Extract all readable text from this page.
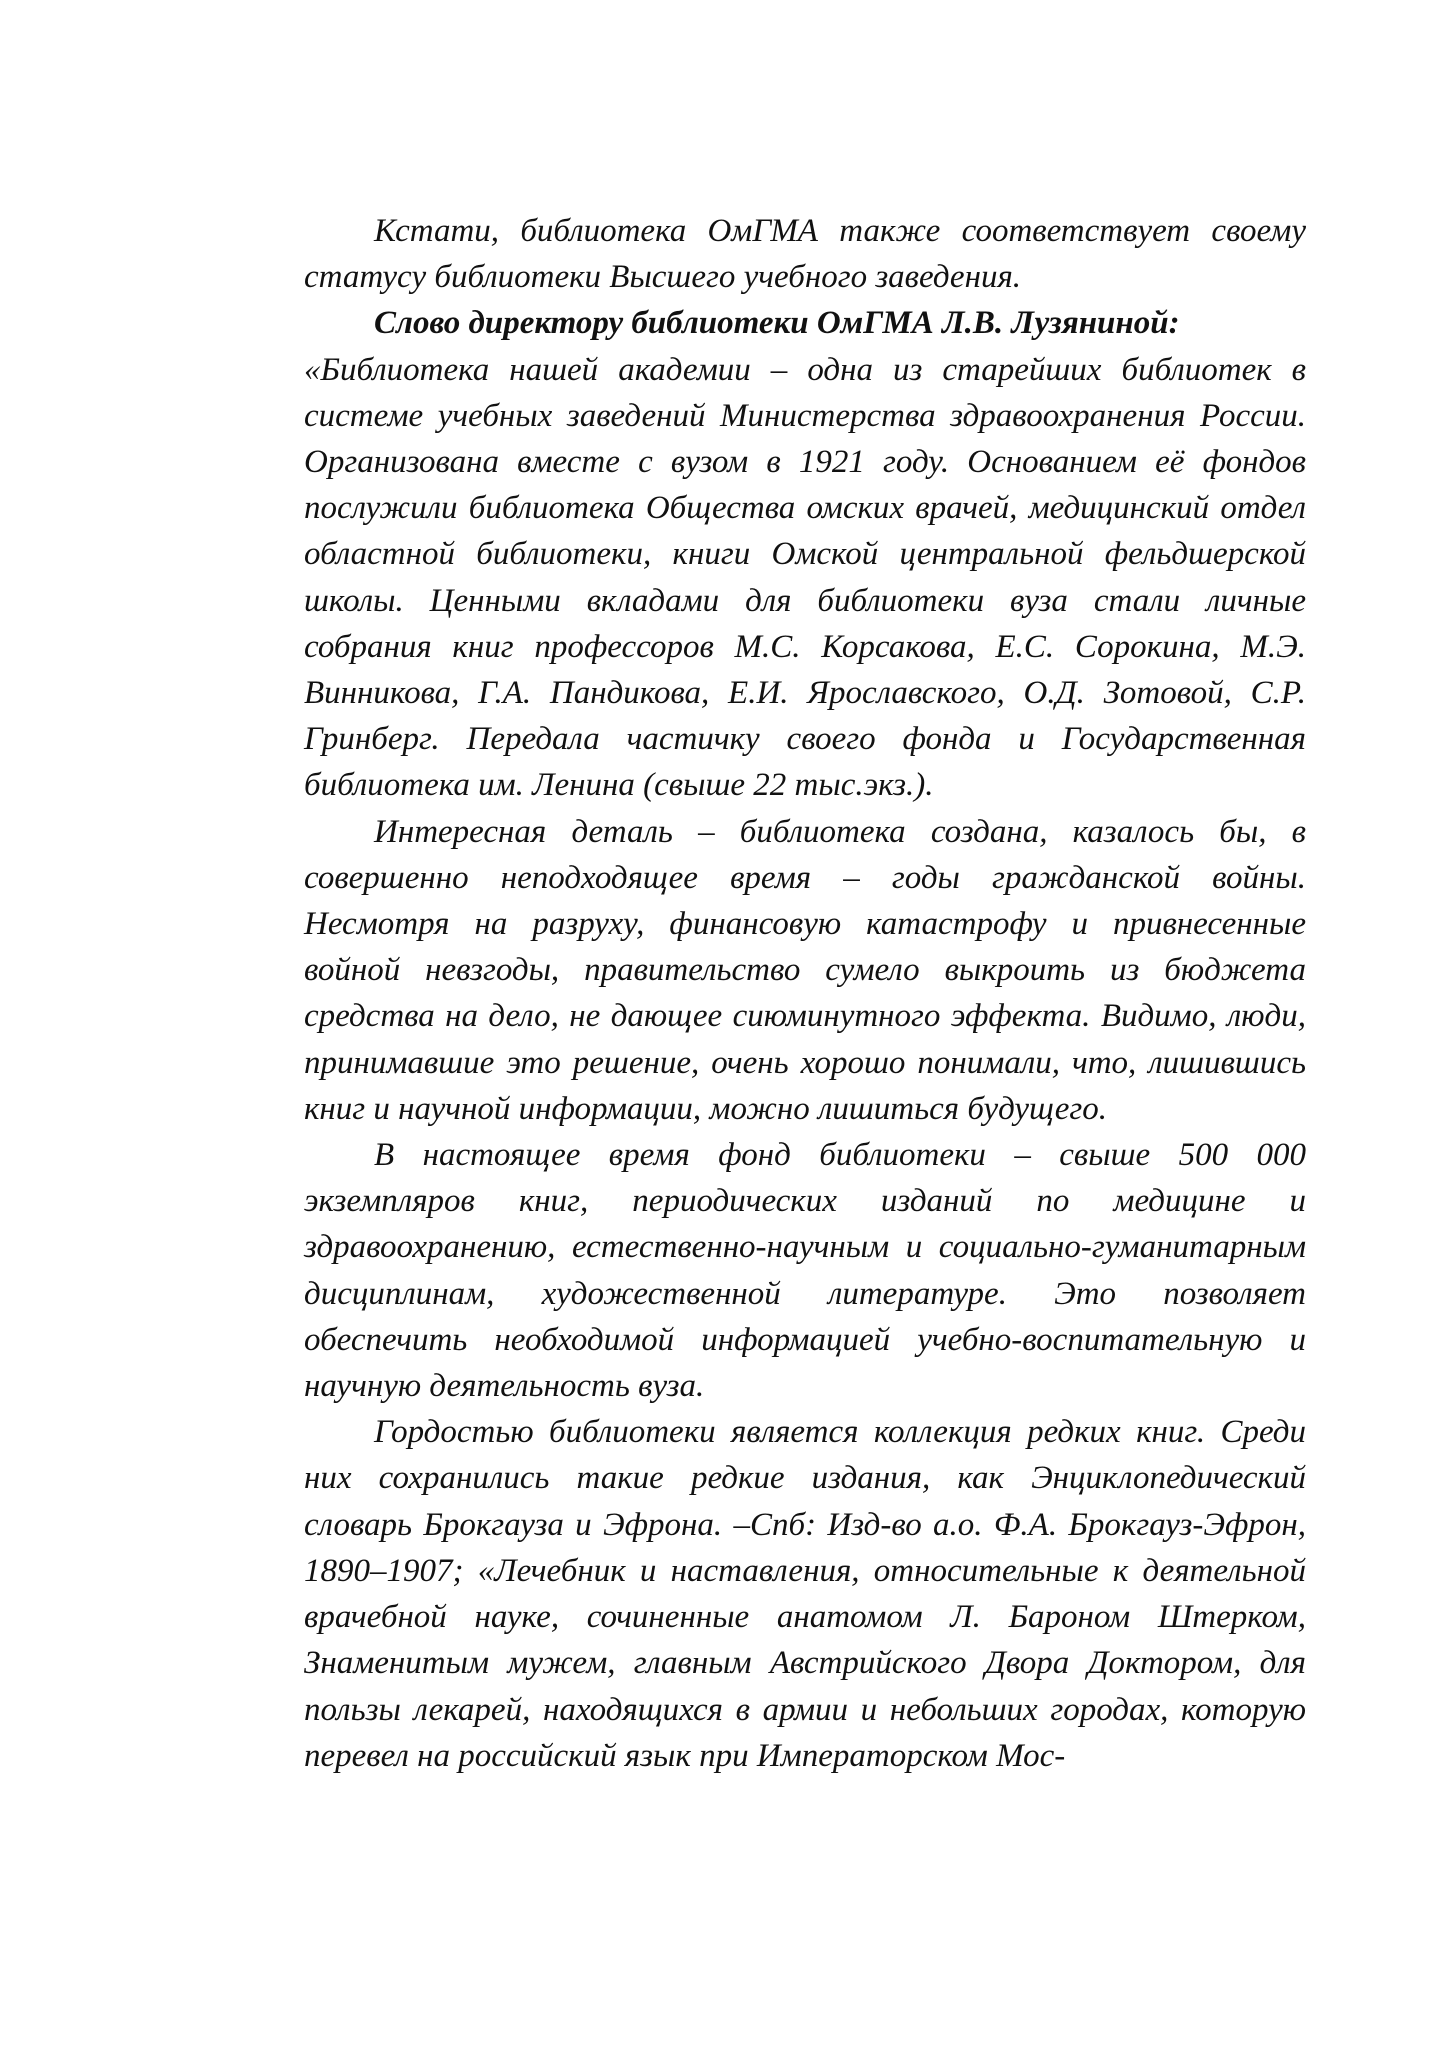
Кстати, библиотека ОмГМА также соответствует своему статусу библиотеки Высшего учебного заведения.

Слово директору библиотеки ОмГМА Л.В. Лузяниной:
«Библиотека нашей академии – одна из старейших библиотек в системе учебных заведений Министерства здравоохранения России. Организована вместе с вузом в 1921 году. Основанием её фондов послужили библиотека Общества омских врачей, медицинский отдел областной библиотеки, книги Омской центральной фельдшерской школы. Ценными вкладами для библиотеки вуза стали личные собрания книг профессоров М.С. Корсакова, Е.С. Сорокина, М.Э. Винникова, Г.А. Пандикова, Е.И. Ярославского, О.Д. Зотовой, С.Р. Гринберг. Передала частичку своего фонда и Государственная библиотека им. Ленина (свыше 22 тыс.экз.).

Интересная деталь – библиотека создана, казалось бы, в совершенно неподходящее время – годы гражданской войны. Несмотря на разруху, финансовую катастрофу и привнесенные войной невзгоды, правительство сумело выкроить из бюджета средства на дело, не дающее сиюминутного эффекта. Видимо, люди, принимавшие это решение, очень хорошо понимали, что, лишившись книг и научной информации, можно лишиться будущего.

В настоящее время фонд библиотеки – свыше 500 000 экземпляров книг, периодических изданий по медицине и здравоохранению, естественно-научным и социально-гуманитарным дисциплинам, художественной литературе. Это позволяет обеспечить необходимой информацией учебно-воспитательную и научную деятельность вуза.

Гордостью библиотеки является коллекция редких книг. Среди них сохранились такие редкие издания, как Энциклопедический словарь Брокгауза и Эфрона. –Спб: Изд-во а.о. Ф.А. Брокгауз-Эфрон, 1890–1907; «Лечебник и наставления, относительные к деятельной врачебной науке, сочиненные анатомом Л. Бароном Штерком, Знаменитым мужем, главным Австрийского Двора Доктором, для пользы лекарей, находящихся в армии и небольших городах, которую перевел на российский язык при Императорском Мос-
